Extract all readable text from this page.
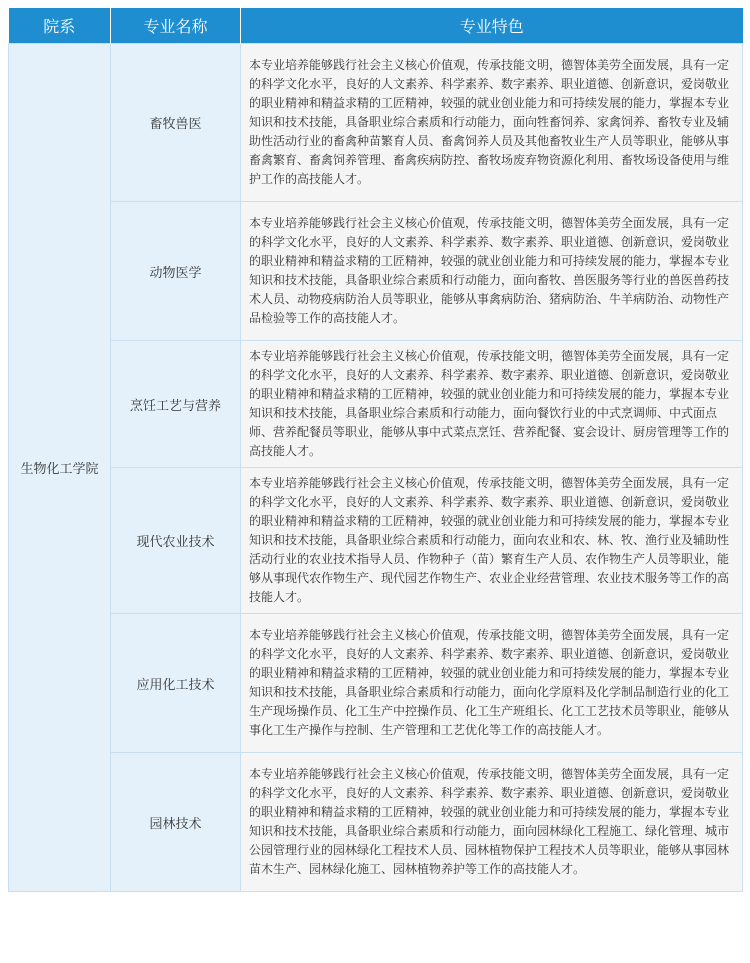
院系	专业名称	专业特色
生物化工学院	畜牧兽医	本专业培养能够践行社会主义核心价值观，传承技能文明，德智体美劳全面发展，具有一定的科学文化水平，良好的人文素养、科学素养、数字素养、职业道德、创新意识，爱岗敬业的职业精神和精益求精的工匠精神，较强的就业创业能力和可持续发展的能力，掌握本专业知识和技术技能，具备职业综合素质和行动能力，面向牲畜饲养、家禽饲养、畜牧专业及辅助性活动行业的畜禽种苗繁育人员、畜禽饲养人员及其他畜牧业生产人员等职业，能够从事畜禽繁育、畜禽饲养管理、畜禽疾病防控、畜牧场废弃物资源化利用、畜牧场设备使用与维护工作的高技能人才。
	动物医学	本专业培养能够践行社会主义核心价值观，传承技能文明，德智体美劳全面发展，具有一定的科学文化水平，良好的人文素养、科学素养、数字素养、职业道德、创新意识，爱岗敬业的职业精神和精益求精的工匠精神，较强的就业创业能力和可持续发展的能力，掌握本专业知识和技术技能，具备职业综合素质和行动能力，面向畜牧、兽医服务等行业的兽医兽药技术人员、动物疫病防治人员等职业，能够从事禽病防治、猪病防治、牛羊病防治、动物性产品检验等工作的高技能人才。
	烹饪工艺与营养	本专业培养能够践行社会主义核心价值观，传承技能文明，德智体美劳全面发展，具有一定的科学文化水平，良好的人文素养、科学素养、数字素养、职业道德、创新意识，爱岗敬业的职业精神和精益求精的工匠精神，较强的就业创业能力和可持续发展的能力，掌握本专业知识和技术技能，具备职业综合素质和行动能力，面向餐饮行业的中式烹调师、中式面点师、营养配餐员等职业，能够从事中式菜点烹饪、营养配餐、宴会设计、厨房管理等工作的高技能人才。
	现代农业技术	本专业培养能够践行社会主义核心价值观，传承技能文明，德智体美劳全面发展，具有一定的科学文化水平，良好的人文素养、科学素养、数字素养、职业道德、创新意识，爱岗敬业的职业精神和精益求精的工匠精神，较强的就业创业能力和可持续发展的能力，掌握本专业知识和技术技能，具备职业综合素质和行动能力，面向农业和农、林、牧、渔行业及辅助性活动行业的农业技术指导人员、作物种子（苗）繁育生产人员、农作物生产人员等职业，能够从事现代农作物生产、现代园艺作物生产、农业企业经营管理、农业技术服务等工作的高技能人才。
	应用化工技术	本专业培养能够践行社会主义核心价值观，传承技能文明，德智体美劳全面发展，具有一定的科学文化水平，良好的人文素养、科学素养、数字素养、职业道德、创新意识，爱岗敬业的职业精神和精益求精的工匠精神，较强的就业创业能力和可持续发展的能力，掌握本专业知识和技术技能，具备职业综合素质和行动能力，面向化学原料及化学制品制造行业的化工生产现场操作员、化工生产中控操作员、化工生产班组长、化工工艺技术员等职业，能够从事化工生产操作与控制、生产管理和工艺优化等工作的高技能人才。
	园林技术	本专业培养能够践行社会主义核心价值观，传承技能文明，德智体美劳全面发展，具有一定的科学文化水平，良好的人文素养、科学素养、数字素养、职业道德、创新意识，爱岗敬业的职业精神和精益求精的工匠精神，较强的就业创业能力和可持续发展的能力，掌握本专业知识和技术技能，具备职业综合素质和行动能力，面向园林绿化工程施工、绿化管理、城市公园管理行业的园林绿化工程技术人员、园林植物保护工程技术人员等职业，能够从事园林苗木生产、园林绿化施工、园林植物养护等工作的高技能人才。
